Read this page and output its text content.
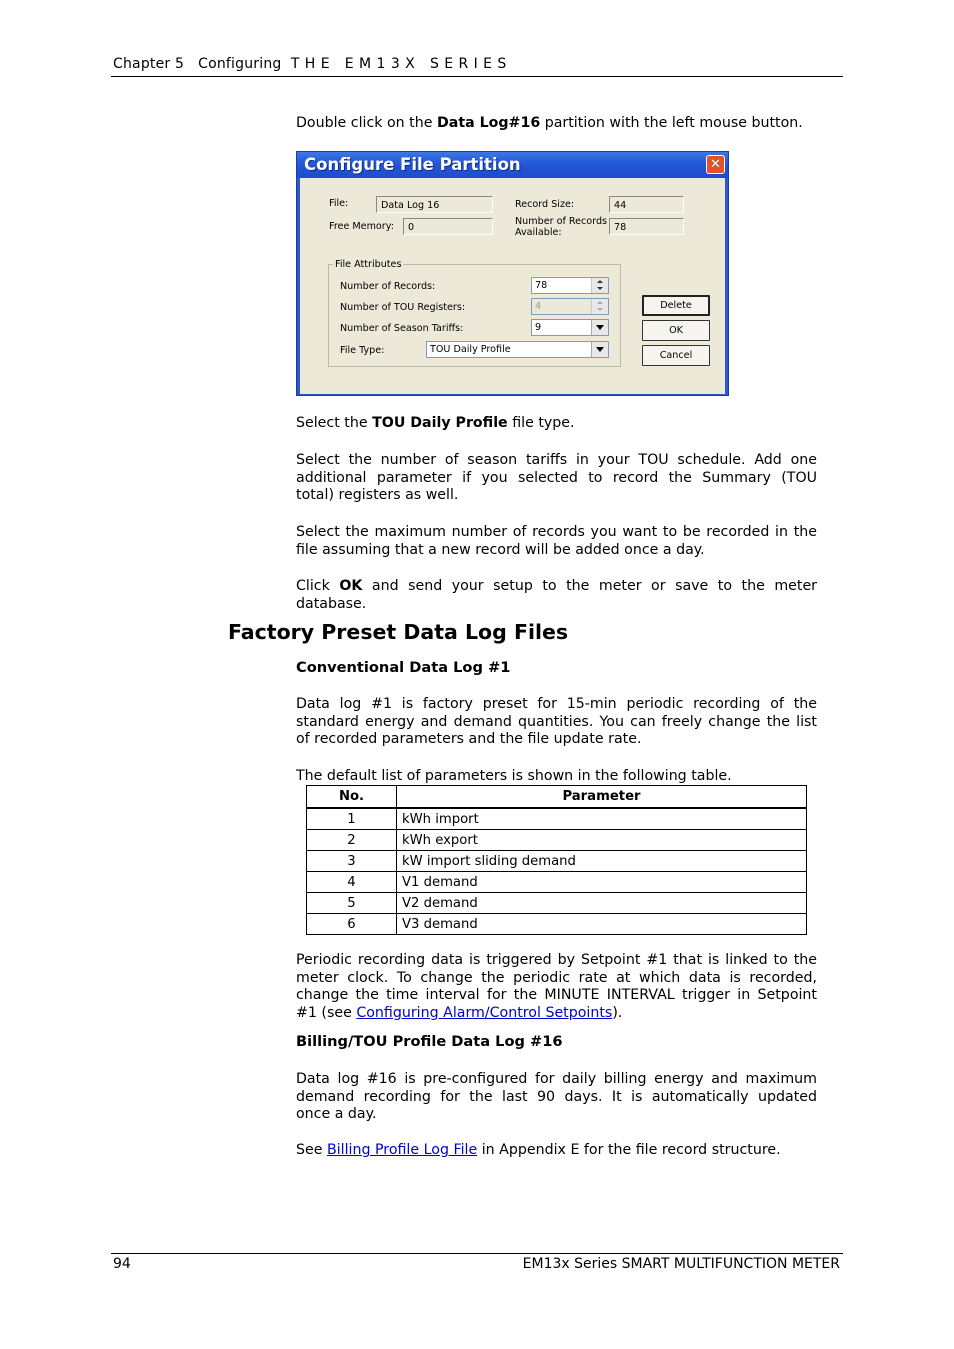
Chapter 5 Configuring THE EM13X SERIES
Double click on the Data Log#16 partition with the left mouse button.
Configure File Partition	✕
File:	Data Log 16
Free Memory:	0
Record Size:	44
Number of Records
Available:	78
File Attributes
Number of Records:	78
Number of TOU Registers:	4
Number of Season Tariffs:	9
File Type:	TOU Daily Profile
Delete
OK
Cancel
Select the TOU Daily Profile file type.
Select the number of season tariffs in your TOU schedule. Add one
additional parameter if you selected to record the Summary (TOU
total) registers as well.
Select the maximum number of records you want to be recorded in the
file assuming that a new record will be added once a day.
Click OK and send your setup to the meter or save to the meter
database.
Factory Preset Data Log Files
Conventional Data Log #1
Data log #1 is factory preset for 15-min periodic recording of the
standard energy and demand quantities. You can freely change the list
of recorded parameters and the file update rate.
The default list of parameters is shown in the following table.
No.	Parameter
1	kWh import
2	kWh export
3	kW import sliding demand
4	V1 demand
5	V2 demand
6	V3 demand
Periodic recording data is triggered by Setpoint #1 that is linked to the
meter clock. To change the periodic rate at which data is recorded,
change the time interval for the MINUTE INTERVAL trigger in Setpoint
#1 (see Configuring Alarm/Control Setpoints).
Billing/TOU Profile Data Log #16
Data log #16 is pre-configured for daily billing energy and maximum
demand recording for the last 90 days. It is automatically updated
once a day.
See Billing Profile Log File in Appendix E for the file record structure.
94	EM13x Series SMART MULTIFUNCTION METER
